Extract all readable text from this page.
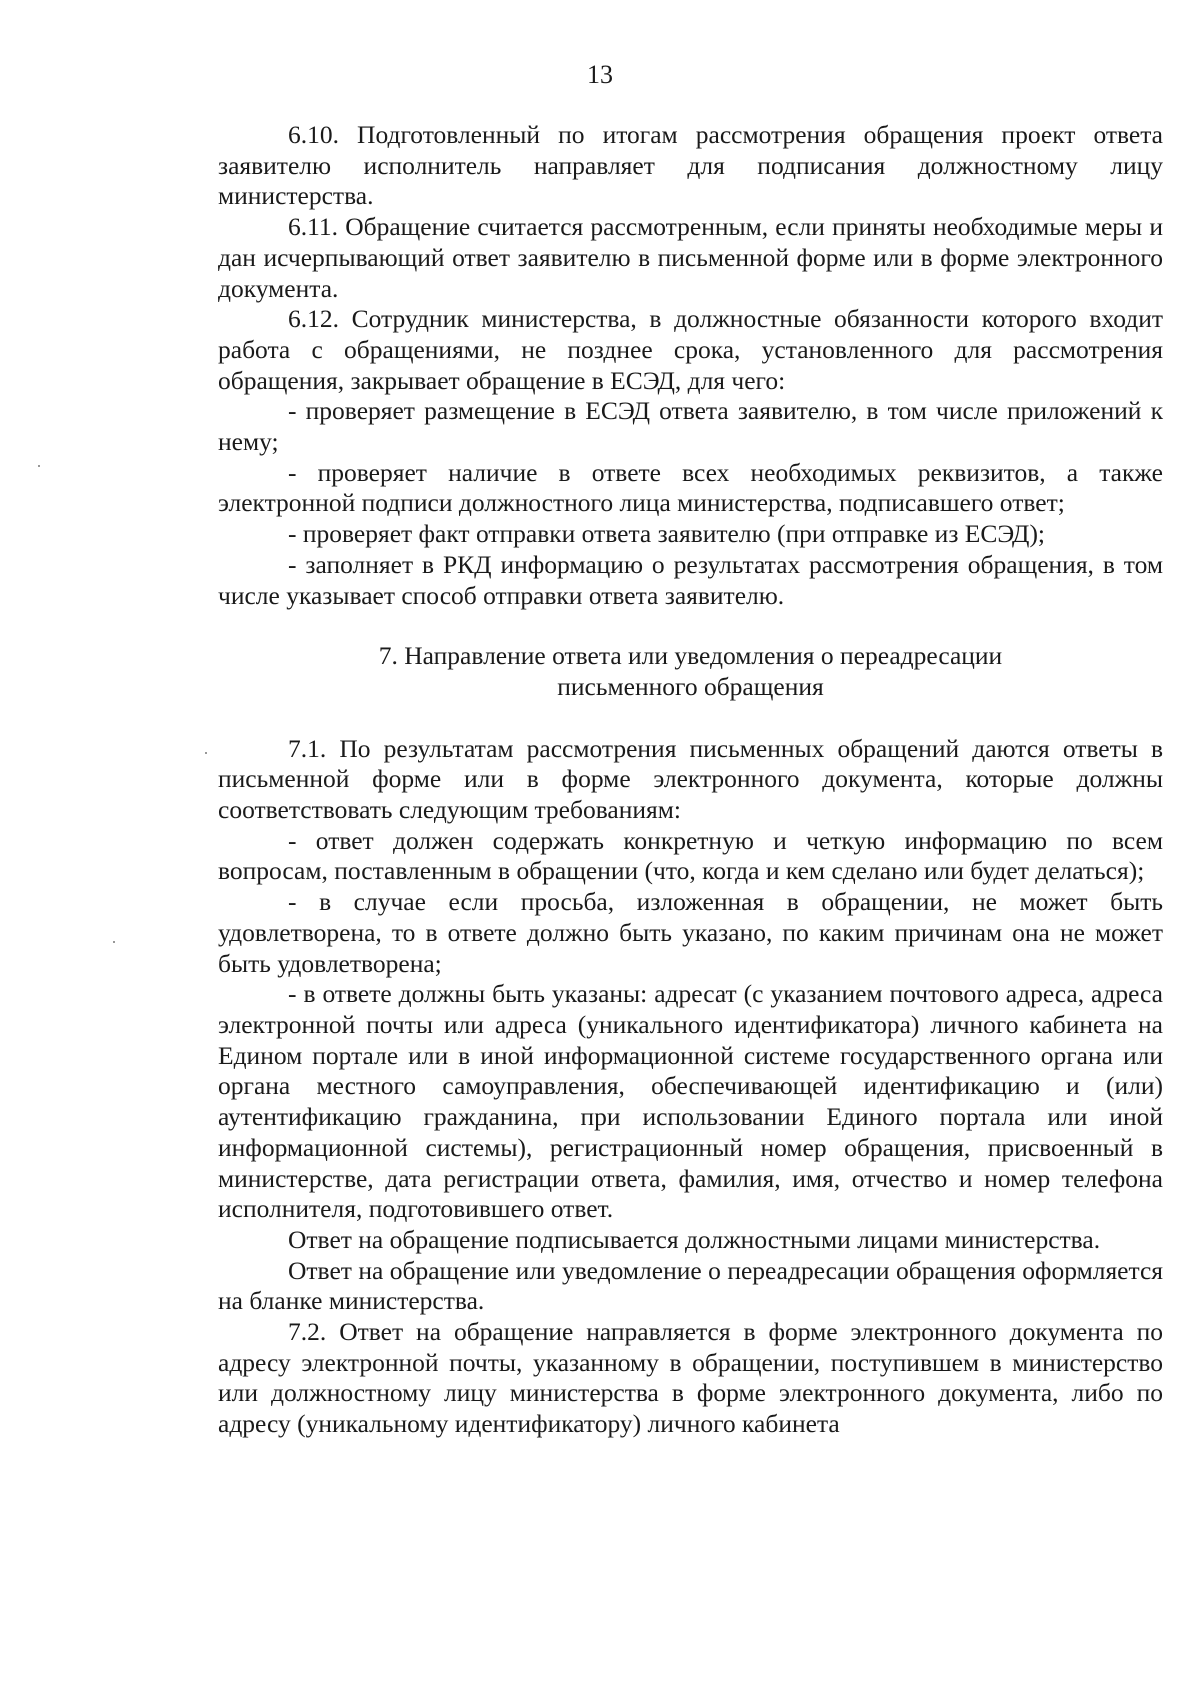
13

6.10. Подготовленный по итогам рассмотрения обращения проект ответа заявителю исполнитель направляет для подписания должностному лицу министерства.

6.11. Обращение считается рассмотренным, если приняты необходимые меры и дан исчерпывающий ответ заявителю в письменной форме или в форме электронного документа.

6.12. Сотрудник министерства, в должностные обязанности которого входит работа с обращениями, не позднее срока, установленного для рассмотрения обращения, закрывает обращение в ЕСЭД, для чего:

- проверяет размещение в ЕСЭД ответа заявителю, в том числе приложений к нему;

- проверяет наличие в ответе всех необходимых реквизитов, а также электронной подписи должностного лица министерства, подписавшего ответ;

- проверяет факт отправки ответа заявителю (при отправке из ЕСЭД);

- заполняет в РКД информацию о результатах рассмотрения обращения, в том числе указывает способ отправки ответа заявителю.

7. Направление ответа или уведомления о переадресации
письменного обращения

7.1. По результатам рассмотрения письменных обращений даются ответы в письменной форме или в форме электронного документа, которые должны соответствовать следующим требованиям:

- ответ должен содержать конкретную и четкую информацию по всем вопросам, поставленным в обращении (что, когда и кем сделано или будет делаться);

- в случае если просьба, изложенная в обращении, не может быть удовлетворена, то в ответе должно быть указано, по каким причинам она не может быть удовлетворена;

- в ответе должны быть указаны: адресат (с указанием почтового адреса, адреса электронной почты или адреса (уникального идентификатора) личного кабинета на Едином портале или в иной информационной системе государственного органа или органа местного самоуправления, обеспечивающей идентификацию и (или) аутентификацию гражданина, при использовании Единого портала или иной информационной системы), регистрационный номер обращения, присвоенный в министерстве, дата регистрации ответа, фамилия, имя, отчество и номер телефона исполнителя, подготовившего ответ.

Ответ на обращение подписывается должностными лицами министерства.

Ответ на обращение или уведомление о переадресации обращения оформляется на бланке министерства.

7.2. Ответ на обращение направляется в форме электронного документа по адресу электронной почты, указанному в обращении, поступившем в министерство или должностному лицу министерства в форме электронного документа, либо по адресу (уникальному идентификатору) личного кабинета
